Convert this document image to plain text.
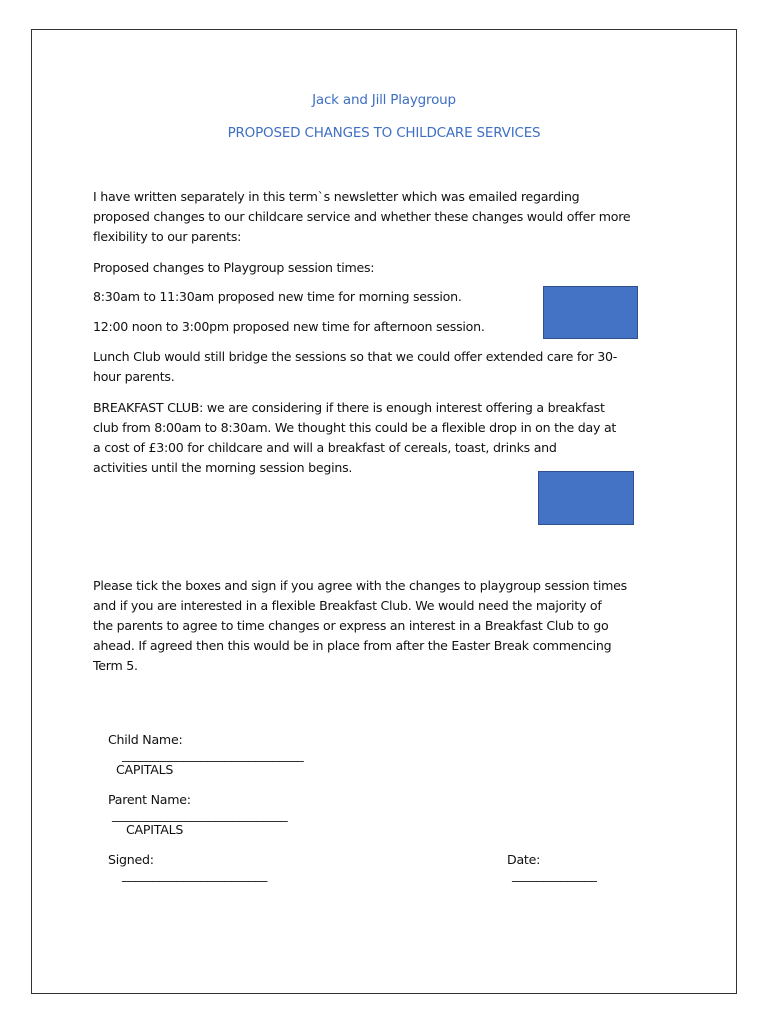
Jack and Jill Playgroup
PROPOSED CHANGES TO CHILDCARE SERVICES

I have written separately in this term`s newsletter which was emailed regarding
proposed changes to our childcare service and whether these changes would offer more
flexibility to our parents:

Proposed changes to Playgroup session times:

8:30am to 11:30am proposed new time for morning session.

12:00 noon to 3:00pm proposed new time for afternoon session.

Lunch Club would still bridge the sessions so that we could offer extended care for 30-
hour parents.

BREAKFAST CLUB: we are considering if there is enough interest offering a breakfast
club from 8:00am to 8:30am. We thought this could be a flexible drop in on the day at
a cost of £3:00 for childcare and will a breakfast of cereals, toast, drinks and
activities until the morning session begins.

Please tick the boxes and sign if you agree with the changes to playgroup session times
and if you are interested in a flexible Breakfast Club. We would need the majority of
the parents to agree to time changes or express an interest in a Breakfast Club to go
ahead. If agreed then this would be in place from after the Easter Break commencing
Term 5.

Child Name:
______________________________
CAPITALS

Parent Name:
_____________________________
CAPITALS

Signed:
________________________

Date:
______________
